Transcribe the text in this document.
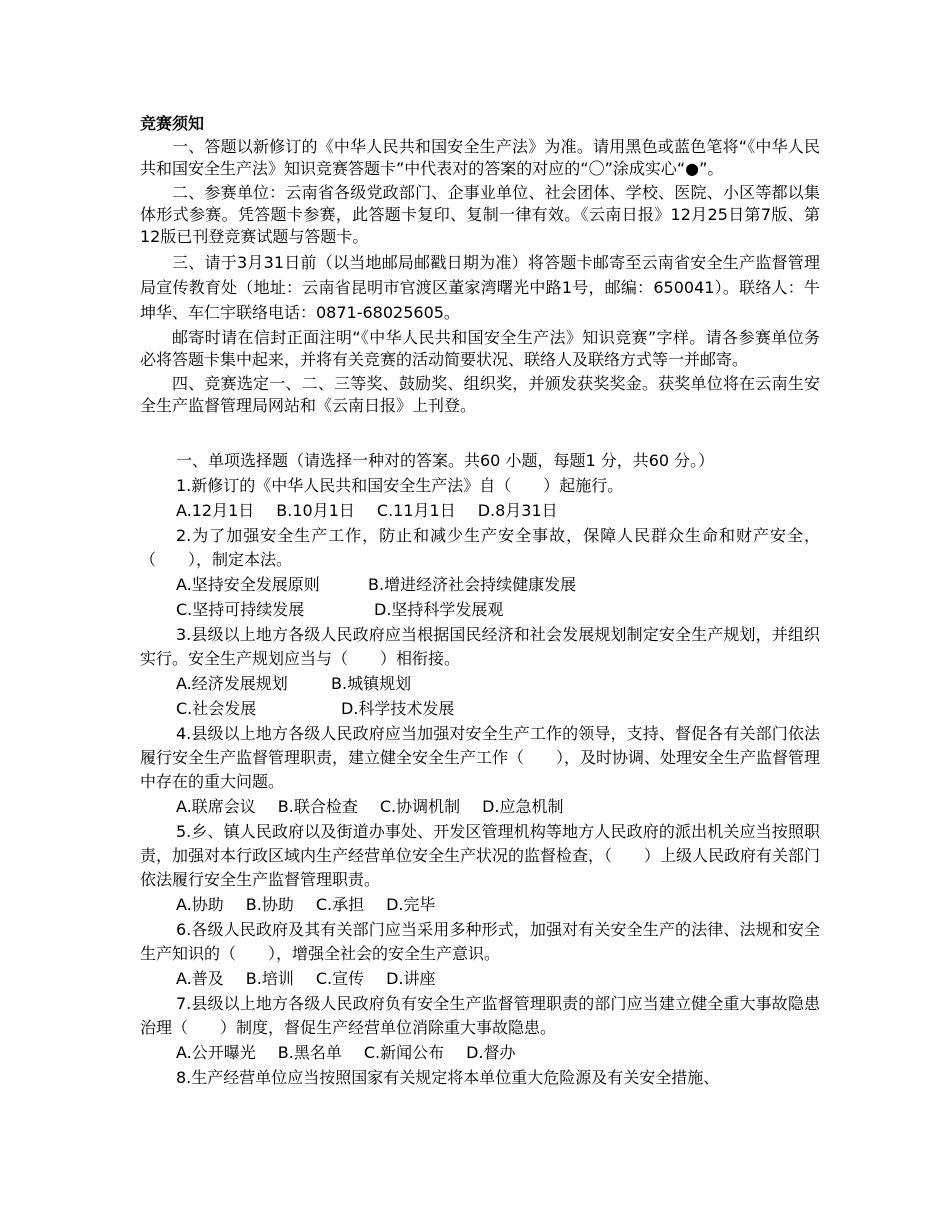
竞赛须知

一、答题以新修订的《中华人民共和国安全生产法》为准。请用黑色或蓝色笔将“《中华人民共和国安全生产法》知识竞赛答题卡”中代表对的答案的对应的“〇”涂成实心“●”。

二、参赛单位：云南省各级党政部门、企事业单位、社会团体、学校、医院、小区等都以集体形式参赛。凭答题卡参赛，此答题卡复印、复制一律有效。《云南日报》12月25日第7版、第12版已刊登竞赛试题与答题卡。

三、请于3月31日前（以当地邮局邮戳日期为准）将答题卡邮寄至云南省安全生产监督管理局宣传教育处（地址：云南省昆明市官渡区董家湾曙光中路1号，邮编：650041）。联络人：牛坤华、车仁宇联络电话：0871-68025605。

邮寄时请在信封正面注明“《中华人民共和国安全生产法》知识竞赛”字样。请各参赛单位务必将答题卡集中起来，并将有关竞赛的活动简要状况、联络人及联络方式等一并邮寄。

四、竞赛选定一、二、三等奖、鼓励奖、组织奖，并颁发获奖奖金。获奖单位将在云南生安全生产监督管理局网站和《云南日报》上刊登。

一、单项选择题（请选择一种对的答案。共60 小题，每题1 分，共60 分。）

1.新修订的《中华人民共和国安全生产法》自（　　）起施行。

A.12月1日 B.10月1日 C.11月1日 D.8月31日

2.为了加强安全生产工作，防止和减少生产安全事故，保障人民群众生命和财产安全，（　　），制定本法。

A.坚持安全发展原则	B.增进经济社会持续健康发展

C.坚持可持续发展	D.坚持科学发展观

3.县级以上地方各级人民政府应当根据国民经济和社会发展规划制定安全生产规划，并组织实行。安全生产规划应当与（　　）相衔接。

A.经济发展规划	B.城镇规划

C.社会发展	D.科学技术发展

4.县级以上地方各级人民政府应当加强对安全生产工作的领导，支持、督促各有关部门依法履行安全生产监督管理职责，建立健全安全生产工作（　　），及时协调、处理安全生产监督管理中存在的重大问题。

A.联席会议 B.联合检查 C.协调机制 D.应急机制

5.乡、镇人民政府以及街道办事处、开发区管理机构等地方人民政府的派出机关应当按照职责，加强对本行政区域内生产经营单位安全生产状况的监督检查，（　　）上级人民政府有关部门依法履行安全生产监督管理职责。

A.协助 B.协助 C.承担 D.完毕

6.各级人民政府及其有关部门应当采用多种形式，加强对有关安全生产的法律、法规和安全生产知识的（　　），增强全社会的安全生产意识。

A.普及 B.培训 C.宣传 D.讲座

7.县级以上地方各级人民政府负有安全生产监督管理职责的部门应当建立健全重大事故隐患治理（　　）制度，督促生产经营单位消除重大事故隐患。

A.公开曝光 B.黑名单 C.新闻公布 D.督办

8.生产经营单位应当按照国家有关规定将本单位重大危险源及有关安全措施、
